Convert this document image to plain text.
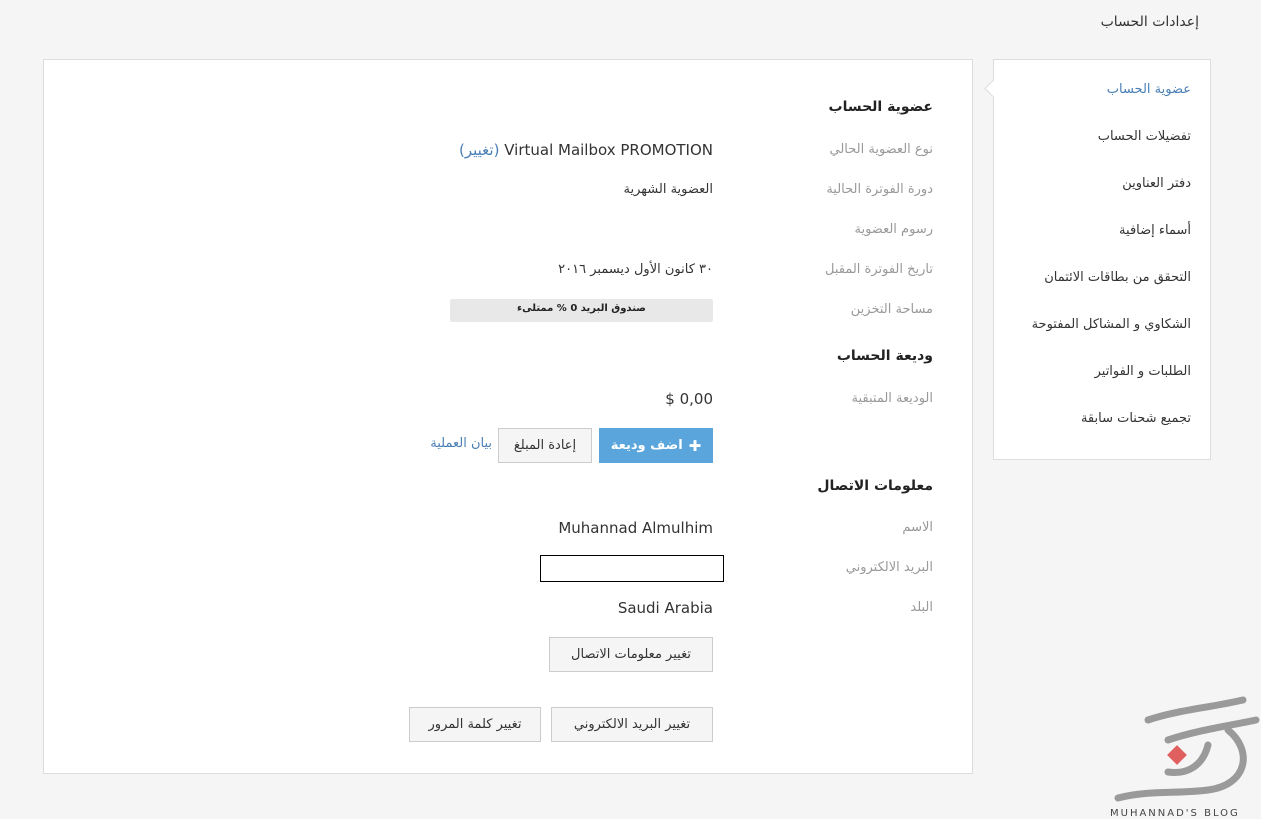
إعدادات الحساب
عضوية الحساب
تفضيلات الحساب
دفتر العناوين
أسماء إضافية
التحقق من بطاقات الائتمان
الشكاوي و المشاكل المفتوحة
الطلبات و الفواتير
تجميع شحنات سابقة
عضوية الحساب
نوع العضوية الحالي
Virtual Mailbox PROMOTION (تغيير)
دورة الفوترة الحالية
العضوية الشهرية
رسوم العضوية
تاريخ الفوترة المقبل
٣٠ كانون الأول ديسمبر ٢٠١٦
مساحة التخزين
صندوق البريد 0 % ممتلىء
وديعة الحساب
الوديعة المتبقية
$ 0,00
✚
اضف وديعة
إعادة المبلغ
بيان العملية
معلومات الاتصال
الاسم
Muhannad Almulhim
البريد الالكتروني
البلد
Saudi Arabia
تغيير معلومات الاتصال
تغيير البريد الالكتروني
تغيير كلمة المرور
MUHANNAD'S BLOG
